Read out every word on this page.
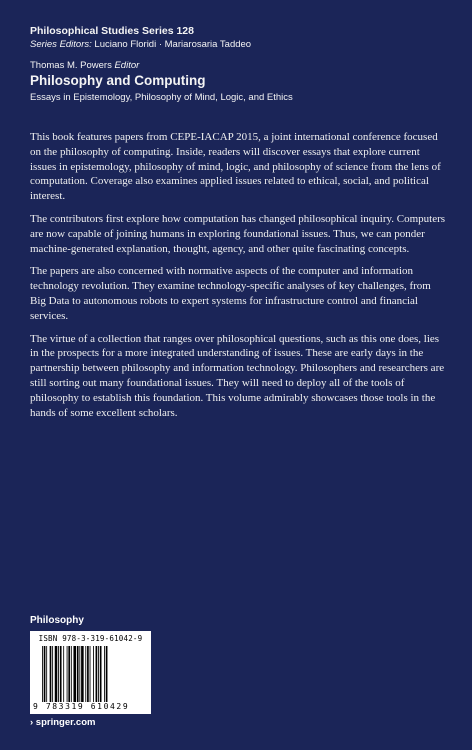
Philosophical Studies Series 128
Series Editors: Luciano Floridi · Mariarosaria Taddeo
Thomas M. Powers Editor
Philosophy and Computing
Essays in Epistemology, Philosophy of Mind, Logic, and Ethics

This book features papers from CEPE-IACAP 2015, a joint international conference focused on the philosophy of computing. Inside, readers will discover essays that explore current issues in epistemology, philosophy of mind, logic, and philosophy of science from the lens of computation. Coverage also examines applied issues related to ethical, social, and political interest.

The contributors first explore how computation has changed philosophical inquiry. Computers are now capable of joining humans in exploring foundational issues. Thus, we can ponder machine-generated explanation, thought, agency, and other quite fascinating concepts.

The papers are also concerned with normative aspects of the computer and information technology revolution. They examine technology-specific analyses of key challenges, from Big Data to autonomous robots to expert systems for infrastructure control and financial services.

The virtue of a collection that ranges over philosophical questions, such as this one does, lies in the prospects for a more integrated understanding of issues. These are early days in the partnership between philosophy and information technology. Philosophers and researchers are still sorting out many foundational issues. They will need to deploy all of the tools of philosophy to establish this foundation. This volume admirably showcases those tools in the hands of some excellent scholars.

Philosophy
ISBN 978-3-319-61042-9
9 783319 610429
› springer.com
